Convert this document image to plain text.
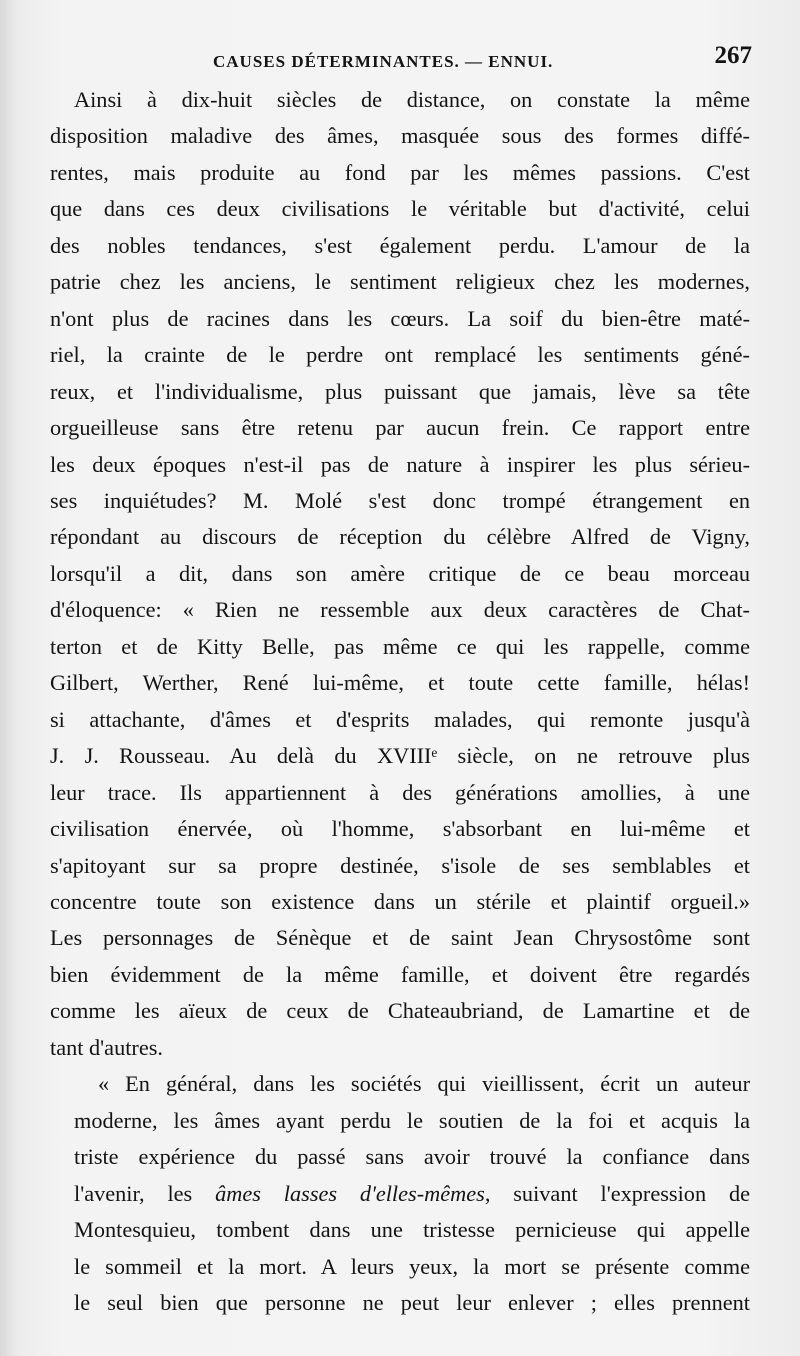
CAUSES DÉTERMINANTES. — ENNUI.	267

Ainsi à dix-huit siècles de distance, on constate la même
disposition maladive des âmes, masquée sous des formes diffé-
rentes, mais produite au fond par les mêmes passions. C'est
que dans ces deux civilisations le véritable but d'activité, celui
des nobles tendances, s'est également perdu. L'amour de la
patrie chez les anciens, le sentiment religieux chez les modernes,
n'ont plus de racines dans les cœurs. La soif du bien-être maté-
riel, la crainte de le perdre ont remplacé les sentiments géné-
reux, et l'individualisme, plus puissant que jamais, lève sa tête
orgueilleuse sans être retenu par aucun frein. Ce rapport entre
les deux époques n'est-il pas de nature à inspirer les plus sérieu-
ses inquiétudes? M. Molé s'est donc trompé étrangement en
répondant au discours de réception du célèbre Alfred de Vigny,
lorsqu'il a dit, dans son amère critique de ce beau morceau
d'éloquence: « Rien ne ressemble aux deux caractères de Chat-
terton et de Kitty Belle, pas même ce qui les rappelle, comme
Gilbert, Werther, René lui-même, et toute cette famille, hélas!
si attachante, d'âmes et d'esprits malades, qui remonte jusqu'à
J. J. Rousseau. Au delà du XVIIIᵉ siècle, on ne retrouve plus
leur trace. Ils appartiennent à des générations amollies, à une
civilisation énervée, où l'homme, s'absorbant en lui-même et
s'apitoyant sur sa propre destinée, s'isole de ses semblables et
concentre toute son existence dans un stérile et plaintif orgueil.»
Les personnages de Sénèque et de saint Jean Chrysostôme sont
bien évidemment de la même famille, et doivent être regardés
comme les aïeux de ceux de Chateaubriand, de Lamartine et de
tant d'autres.

« En général, dans les sociétés qui vieillissent, écrit un auteur
moderne, les âmes ayant perdu le soutien de la foi et acquis la
triste expérience du passé sans avoir trouvé la confiance dans
l'avenir, les âmes lasses d'elles-mêmes, suivant l'expression de
Montesquieu, tombent dans une tristesse pernicieuse qui appelle
le sommeil et la mort. A leurs yeux, la mort se présente comme
le seul bien que personne ne peut leur enlever ; elles prennent
